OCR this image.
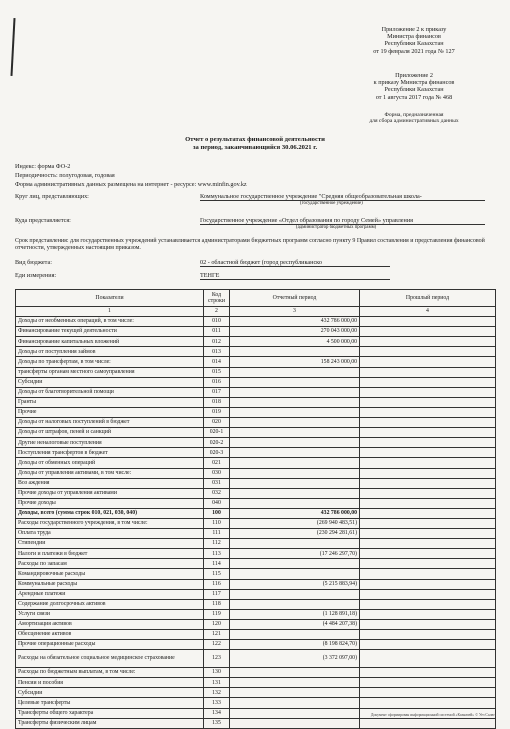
Приложение 2 к приказу
Министра финансов
Республики Казахстан
от 19 февраля 2021 года № 127
Приложение 2
к приказу Министра финансов
Республики Казахстан
от 1 августа 2017 года № 468
Форма, предназначенная
для сбора административных данных
Отчет о результатах финансовой деятельности
за период, заканчивающийся 30.06.2021 г.
Индекс: форма ФО-2
Периодичность: полугодовая, годовая
Форма административных данных размещена на интернет - ресурсе: www.minfin.gov.kz
Круг лиц, представляющих:	Коммунальное государственное учреждение "Средняя общеобразовательная школа-
(государственное учреждение)
Куда представляется:	Государственное учреждение «Отдел образования по городу Семей» управления
(администратор бюджетных программ)
Срок представления: для государственных учреждений устанавливается администраторами бюджетных программ согласно пункту 9 Правил составления и представления финансовой отчетности, утвержденных настоящим приказом.
Вид бюджета:	02 - областной бюджет (город республиканско
Еди измерения:	ТЕНГЕ
Показатели	Код строки	Отчетный период	Прошлый период
1	2	3	4
Доходы от необменных операций, в том числе:	010	432 786 000,00	
Финансирование текущей деятельности	011	270 043 000,00	
Финансирование капитальных вложений	012	4 500 000,00	
Доходы от поступления займов	013		
Доходы по трансфертам, в том числе:	014	158 243 000,00	
трансферты органам местного самоуправления	015		
Субсидии	016		
Доходы от благотворительной помощи	017		
Гранты	018		
Прочие	019		
Доходы от налоговых поступлений в бюджет	020		
Доходы от штрафов, пеней и санкций	020-1		
Другие неналоговые поступления	020-2		
Поступления трансфертов в бюджет	020-3		
Доходы от обменных операций	021		
Доходы от управления активами, в том числе:	030		
Воз аждения	031		
Прочие доходы от управления активами	032		
Прочие доходы	040		
Доходы, всего (сумма строк 010, 021, 030, 040)	100	432 786 000,00	
Расходы государственного учреждения, в том числе:	110	(269 940 483,51)	
Оплата труда	111	(230 294 281,61)	
Стипендии	112		
Налоги и платежи в бюджет	113	(17 246 297,70)	
Расходы по запасам	114		
Командировочные расходы	115		
Коммунальные расходы	116	(5 215 883,94)	
Арендные платежи	117		
Содержание долгосрочных активов	118		
Услуги связи	119	(1 128 891,18)	
Амортизация активов	120	(4 484 207,38)	
Обесценение активов	121		
Прочие операционные расходы	122	(8 198 824,70)	
Расходы на обязательное социальное медицинское страхование	123	(3 372 097,00)	
Расходы по бюджетным выплатам, в том числе:	130		
Пенсии и пособия	131		
Субсидии	132		
Целевые трансферты	133		
Трансферты общего характера	134		
Трансферты физическим лицам	135		
Документ сформирован информационной системой «Казначей» © Уез Салют
